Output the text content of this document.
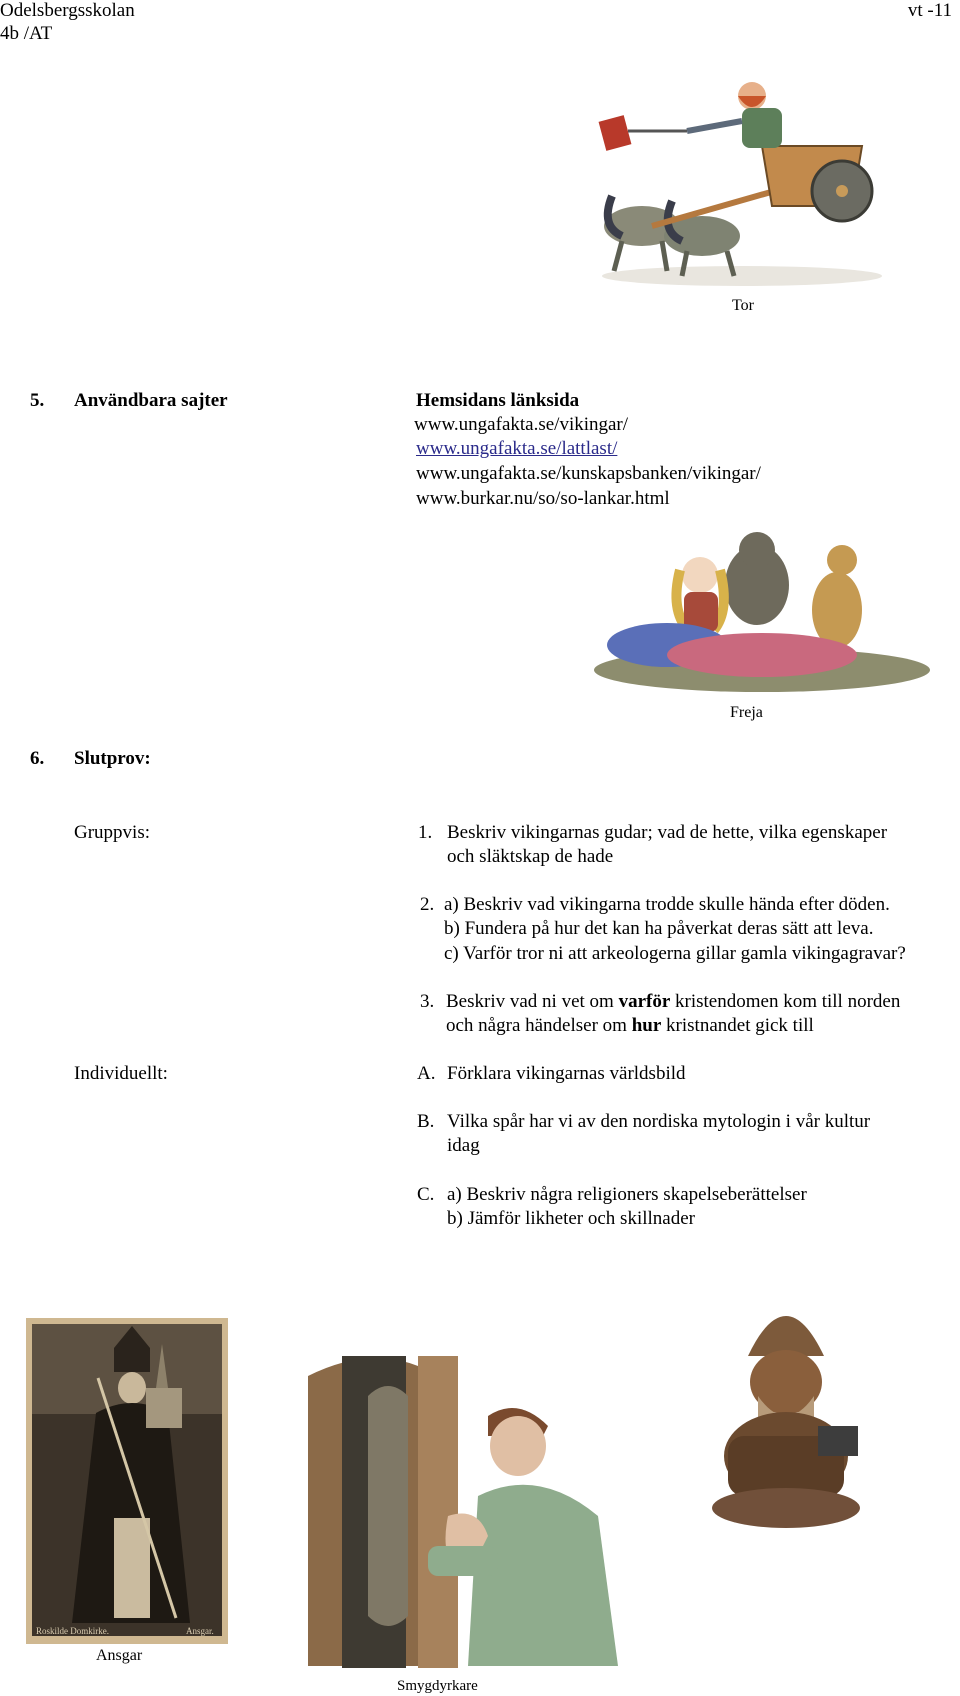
Odelsbergsskolan
4b /AT
vt -11
Tor
5. Användbara sajter	Hemsidans länksida
www.ungafakta.se/vikingar/
www.ungafakta.se/lattlast/
www.ungafakta.se/kunskapsbanken/vikingar/
www.burkar.nu/so/so-lankar.html
Freja
6. Slutprov:
Gruppvis:	1. Beskriv vikingarnas gudar; vad de hette, vilka egenskaper
och släktskap de hade
2. a) Beskriv vad vikingarna trodde skulle hända efter döden.
b) Fundera på hur det kan ha påverkat deras sätt att leva.
c) Varför tror ni att arkeologerna gillar gamla vikingagravar?
3. Beskriv vad ni vet om varför kristendomen kom till norden
och några händelser om hur kristnandet gick till
Individuellt:	A. Förklara vikingarnas världsbild
B. Vilka spår har vi av den nordiska mytologin i vår kultur
idag
C. a) Beskriv några religioners skapelseberättelser
b) Jämför likheter och skillnader
Roskilde Domkirke.	Ansgar.
Ansgar
Smygdyrkare
